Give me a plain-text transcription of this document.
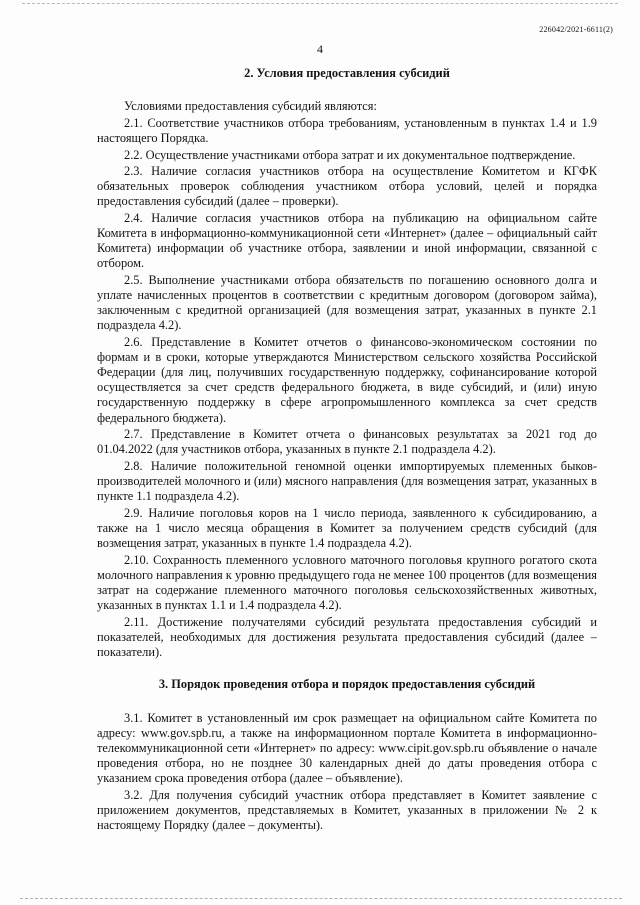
226042/2021-6611(2)
4
2. Условия предоставления субсидий

Условиями предоставления субсидий являются:

2.1. Соответствие участников отбора требованиям, установленным в пунктах 1.4 и 1.9 настоящего Порядка.

2.2. Осуществление участниками отбора затрат и их документальное подтверждение.

2.3. Наличие согласия участников отбора на осуществление Комитетом и КГФК обязательных проверок соблюдения участником отбора условий, целей и порядка предоставления субсидий (далее – проверки).

2.4. Наличие согласия участников отбора на публикацию на официальном сайте Комитета в информационно-коммуникационной сети «Интернет» (далее – официальный сайт Комитета) информации об участнике отбора, заявлении и иной информации, связанной с отбором.

2.5. Выполнение участниками отбора обязательств по погашению основного долга и уплате начисленных процентов в соответствии с кредитным договором (договором займа), заключенным с кредитной организацией (для возмещения затрат, указанных в пункте 2.1 подраздела 4.2).

2.6. Представление в Комитет отчетов о финансово-экономическом состоянии по формам и в сроки, которые утверждаются Министерством сельского хозяйства Российской Федерации (для лиц, получивших государственную поддержку, софинансирование которой осуществляется за счет средств федерального бюджета, в виде субсидий, и (или) иную государственную поддержку в сфере агропромышленного комплекса за счет средств федерального бюджета).

2.7. Представление в Комитет отчета о финансовых результатах за 2021 год до 01.04.2022 (для участников отбора, указанных в пункте 2.1 подраздела 4.2).

2.8. Наличие положительной геномной оценки импортируемых племенных быков-производителей молочного и (или) мясного направления (для возмещения затрат, указанных в пункте 1.1 подраздела 4.2).

2.9. Наличие поголовья коров на 1 число периода, заявленного к субсидированию, а также на 1 число месяца обращения в Комитет за получением средств субсидий (для возмещения затрат, указанных в пункте 1.4 подраздела 4.2).

2.10. Сохранность племенного условного маточного поголовья крупного рогатого скота молочного направления к уровню предыдущего года не менее 100 процентов (для возмещения затрат на содержание племенного маточного поголовья сельскохозяйственных животных, указанных в пунктах 1.1 и 1.4 подраздела 4.2).

2.11. Достижение получателями субсидий результата предоставления субсидий и показателей, необходимых для достижения результата предоставления субсидий (далее – показатели).

3. Порядок проведения отбора и порядок предоставления субсидий

3.1. Комитет в установленный им срок размещает на официальном сайте Комитета по адресу: www.gov.spb.ru, а также на информационном портале Комитета в информационно-телекоммуникационной сети «Интернет» по адресу: www.cipit.gov.spb.ru объявление о начале проведения отбора, но не позднее 30 календарных дней до даты проведения отбора с указанием срока проведения отбора (далее – объявление).

3.2. Для получения субсидий участник отбора представляет в Комитет заявление с приложением документов, представляемых в Комитет, указанных в приложении № 2 к настоящему Порядку (далее – документы).
